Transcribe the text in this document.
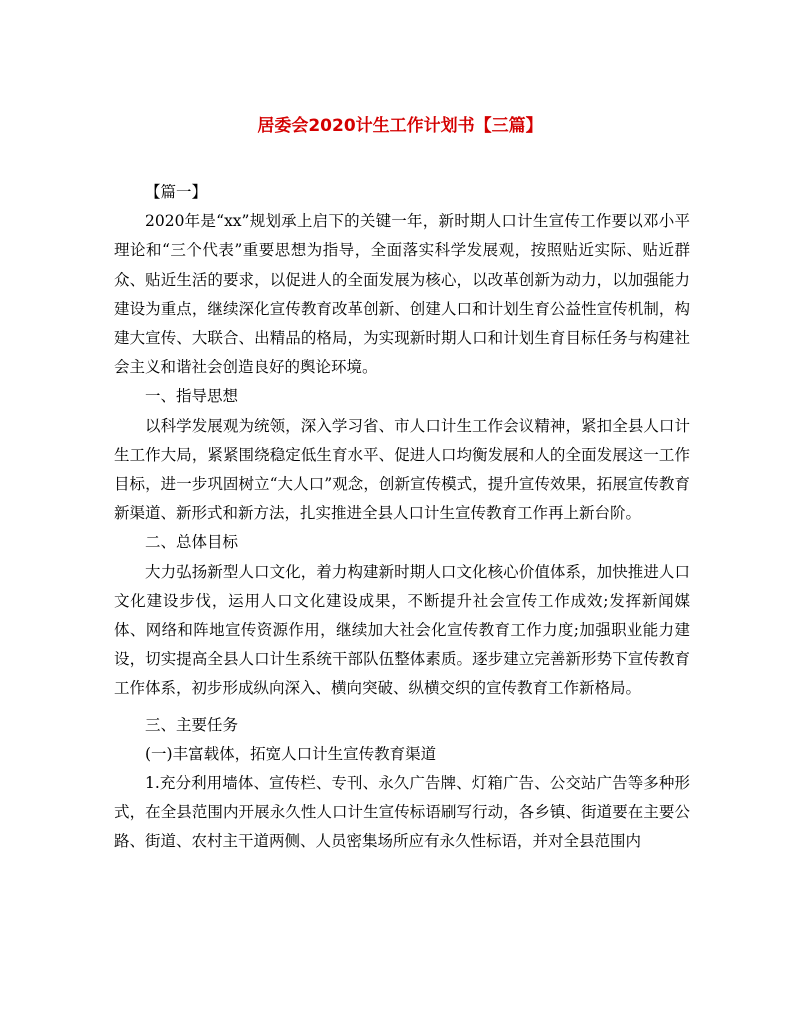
居委会2020计生工作计划书【三篇】

【篇一】

2020年是“xx”规划承上启下的关键一年，新时期人口计生宣传工作要以邓小平理论和“三个代表”重要思想为指导，全面落实科学发展观，按照贴近实际、贴近群众、贴近生活的要求，以促进人的全面发展为核心，以改革创新为动力，以加强能力建设为重点，继续深化宣传教育改革创新、创建人口和计划生育公益性宣传机制，构建大宣传、大联合、出精品的格局，为实现新时期人口和计划生育目标任务与构建社会主义和谐社会创造良好的舆论环境。

一、指导思想

以科学发展观为统领，深入学习省、市人口计生工作会议精神，紧扣全县人口计生工作大局，紧紧围绕稳定低生育水平、促进人口均衡发展和人的全面发展这一工作目标，进一步巩固树立“大人口”观念，创新宣传模式，提升宣传效果，拓展宣传教育新渠道、新形式和新方法，扎实推进全县人口计生宣传教育工作再上新台阶。

二、总体目标

大力弘扬新型人口文化，着力构建新时期人口文化核心价值体系，加快推进人口文化建设步伐，运用人口文化建设成果，不断提升社会宣传工作成效;发挥新闻媒体、网络和阵地宣传资源作用，继续加大社会化宣传教育工作力度;加强职业能力建设，切实提高全县人口计生系统干部队伍整体素质。逐步建立完善新形势下宣传教育工作体系，初步形成纵向深入、横向突破、纵横交织的宣传教育工作新格局。

三、主要任务

(一)丰富载体，拓宽人口计生宣传教育渠道

1.充分利用墙体、宣传栏、专刊、永久广告牌、灯箱广告、公交站广告等多种形式，在全县范围内开展永久性人口计生宣传标语刷写行动，各乡镇、街道要在主要公路、街道、农村主干道两侧、人员密集场所应有永久性标语，并对全县范围内
